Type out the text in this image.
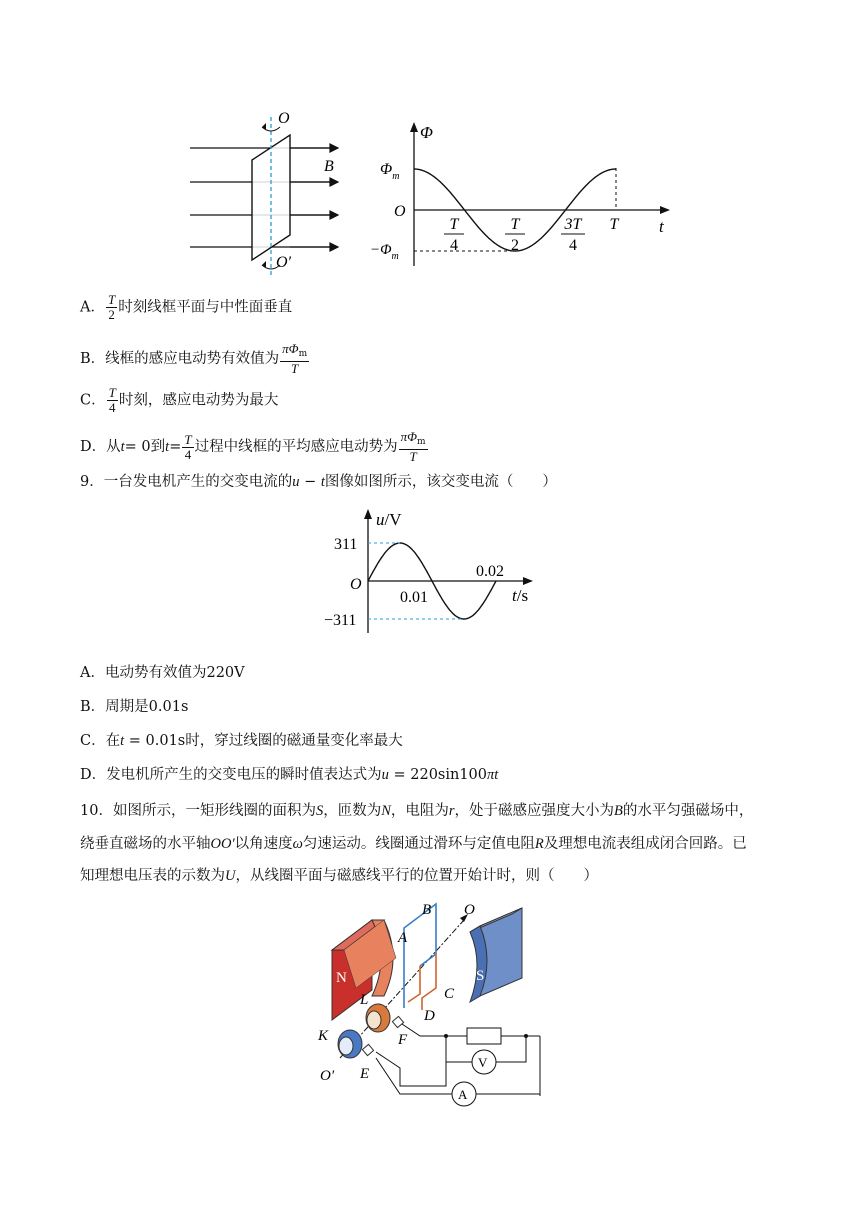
O
B
O′
Φ
t
O
$\Phi_m$
$-\Phi_m$
T
4
T
2
3T
4
T
A． $\frac{T}{2}$ 时刻线框平面与中性面垂直
B．线框的感应电动势有效值为 $\frac{\pi\Phi_m}{T}$
C． $\frac{T}{4}$ 时刻，感应电动势为最大
D．从t= 0到$t= \frac{T}{4}$ 过程中线框的平均感应电动势为 $\frac{\pi\Phi_m}{T}$
9．一台发电机产生的交变电流的u − t图像如图所示，该交变电流（　　）
u/V
t/s
O
311
−311
0.01
0.02
A．电动势有效值为220V
B．周期是0.01s
C．在t = 0.01s时，穿过线圈的磁通量变化率最大
D．发电机所产生的交变电压的瞬时值表达式为u = 220sin100πt
10．如图所示，一矩形线圈的面积为S，匝数为N，电阻为r，处于磁感应强度大小为B的水平匀强磁场中，
绕垂直磁场的水平轴OO′以角速度ω匀速运动。线圈通过滑环与定值电阻R及理想电流表组成闭合回路。已
知理想电压表的示数为U，从线圈平面与磁感线平行的位置开始计时，则（　　）
N	S
A
B
C
D
E
F
K
L
O
O′
V
A
